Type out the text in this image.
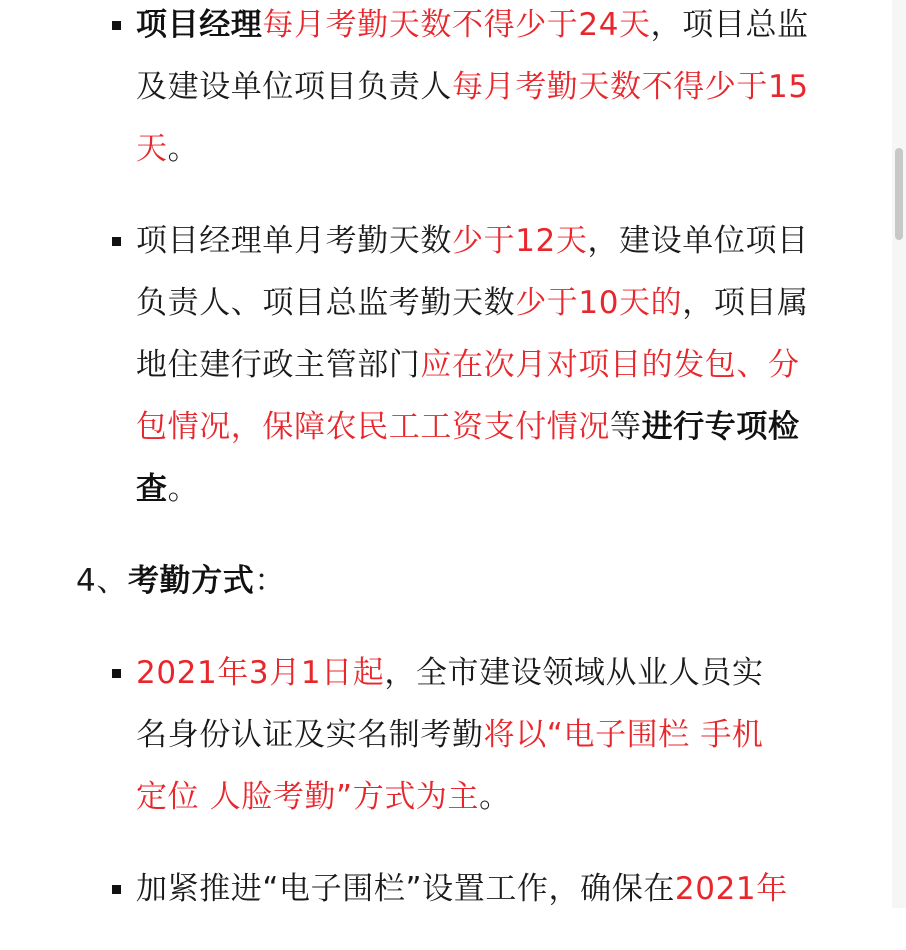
项目经理每月考勤天数不得少于24天，项目总监
及建设单位项目负责人每月考勤天数不得少于15
天。
项目经理单月考勤天数少于12天，建设单位项目
负责人、项目总监考勤天数少于10天的，项目属
地住建行政主管部门应在次月对项目的发包、分
包情况，保障农民工工资支付情况等进行专项检
查。
4、考勤方式：
2021年3月1日起，全市建设领域从业人员实
名身份认证及实名制考勤将以“电子围栏 手机
定位 人脸考勤”方式为主。
加紧推进“电子围栏”设置工作，确保在2021年
